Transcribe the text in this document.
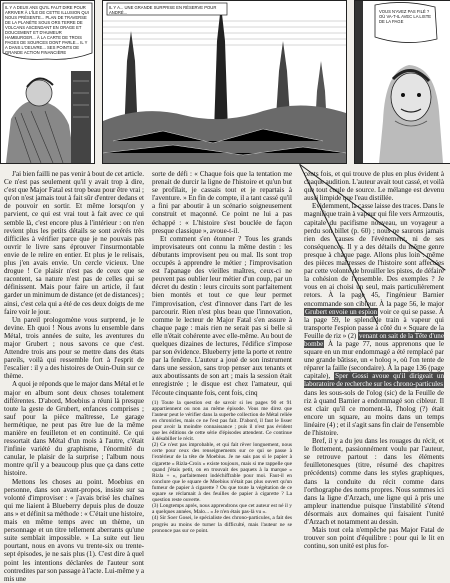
IL Y A DEUX ANS QU'IL FAUT DIRE POUR ARRIVER À L'ÎLE DE CETTE ILLUSION QUI NOUS PRÉSENTE... PLAN DE TRAVERSE DE LA PLANÈTE SOUS ORS TERRE DE VOLCANS ASCENDANT EN ORAGE ET DOUCEMENT ET D'HUMEUR HAMBURGER... À LA CARTE DE TROIS PAGES DE SOURCES DONT PARLE... IL Y A DANS L'OEUVRE... SES POINTS DE GRANDE ACTION FINANCIÈRE
IL Y A... UNE GRANDE SURPRISE EN RÉSERVE POUR ANDRÉ...	VOUS N'AVEZ PAS FILÉ ? OÙ VA-T-IL AVEC LA LISTE DE LA PAGE

J'ai bien failli ne pas venir à bout de cet article. Ce n'est pas seulement qu'il y avait trop à dire, c'est que Major Fatal est trop beau pour être vrai ; qu'on n'est jamais tout à fait sûr d'entrer dedans et de pouvoir en sortir. Et même lorsqu'on y parvient, ce qui est vrai tout à fait avec ce qui semble là, c'est encore plus à l'intérieur : on n'en revient plus les petits détails se sont avérés très difficiles à vérifier parce que je ne pouvais pas ouvrir le livre sans éprouver l'insurmontable envie de le relire en entier. Et plus je le relisais, plus j'en avais envie. Un cercle vicieux. Une drogue ! Ce plaisir n'est pas de ceux que se racontent, sa nature n'est pas de celles qui se définissent. Mais pour faire un article, il faut garder un minimum de distance (et de distances) ; ainsi, c'est cela qui a été de ces deux doigts de me faire voir le jour.

Un pareil prologomène vous surprend, je le devine. Eh quoi ! Nous avons lu ensemble dans Métal, trois années de suite, les aventures du major Grubert ; nous savons ce que c'est. Attendre trois ans pour se mettre dans des états pareils, voilà qui ressemble fort à l'esprit de l'escalier : il y a des histoires de Ouin-Ouin sur ce thème.

A quoi je réponds que le major dans Métal et le major en album sont deux choses totalement différentes. D'abord, Moebius a réuni là presque toute la geste de Grubert, enfances comprises ; sauf pour la pièce maîtresse, Le garage hermétique, ne peut pas être lue de la même manière en feuilleton et en continuité. Ce qui ressortait dans Métal d'un mois à l'autre, c'était l'infinie variété du graphisme, l'énormité du canular, le plaisir de la surprise ; l'album nous montre qu'il y a beaucoup plus que ça dans cette histoire.

Mettons les choses au point. Moebius en personne, dans son avant-propos, insiste sur sa volonté d'improviser : « j'avais brisé les chaînes qui me liaient à Blueberry depuis plus de douze ans » et définit sa méthode : « C'était une histoire, mais en même temps avec un thème, un personnage et un titre tellement aberrants qu'une suite semblait impossible. » La suite eut lieu pourtant, nous en avons vu trente-six ou trente-sept épisodes, je ne sais plus (1). C'est dire à quel point les intentions déclarées de l'auteur sont contredites par son passage à l'acte. Lui-même y a mis une

sorte de défi : « Chaque fois que la tentation me prenait de durcir la ligne de l'histoire et qu'un but se profilait, je cassais tout et je repartais à l'aventure. » En fin de compte, il a tant cassé qu'il a fini par aboutir à un scénario soigneusement construit et maçonné. Ce point ne lui a pas échappé : « L'histoire s'est bouclée de façon presque classique », avoue-t-il.

Et comment s'en étonner ? Tous les grands improvisateurs ont connu la même destin : les débutants improvisent peu ou mal. Ils sont trop occupés à apprendre le métier ; l'improvisation est l'apanage des vieilles maîtres, ceux-ci ne peuvent pas oublier leur métier d'un coup, par un décret du destin : leurs circuits sont parfaitement bien montés et tout ce que leur permet l'improvisation, c'est d'innover dans l'art de les parcourir. Rien n'est plus beau que l'innovation, comme le lecteur de Major Fatal s'en assure à chaque page : mais rien ne serait pas si belle si elle n'était cohérente avec elle-même. Au bout de quelques dizaines de lectures, l'édifice s'impose par son évidence. Blueberry jette la porte et rentre par la fenêtre. L'auteur a joué de son instrument dans une session, sans trop penser aux tenants et aux aboutissants de son art ; mais la session était enregistrée ; le disque est chez l'amateur, qui l'écoute cinquante fois, cent fois, cinq

(1) Toute la question est de savoir si les pages 90 et 91 appartiennent ou non au même épisode. Vous me direz que l'auteur peut le vérifier dans la superbe collection de Métal reliée en chronicles, mais ce ne l'est pas fait. D'abord, il faut le lisser pour avoir la moindre connaissance ; puis il n'est pas évident que les éditions de cette série d'épisodes attendent. Ce continue à désabiller le récit.

(2) Ce n'est pas improbable, et qui fait rêver longuement, nous certe pour ceux des renseignements sur ce qui se passe à l'extérieur de la tête de Moebius. Je ne sais pas si le papier à cigarette « Rizla-Croix » existe toujours, mais si me rappelle que quand j'étais petit, on en trouvait des paquets à la marque « Rizla + », parfaitement indéchiffrable pour moi. Faut-il en conclure que le square de Moebius n'était pas plus ouvert qu'un fumeur de papier à cigarette ? Ou que toute la végétation de ce square se réclamait à des feuilles de papier à cigarette ? La question reste ouverte.

(3) Longtemps après, nous apprendrons que cet auteur est né il y a quelques années, Malo... « Je n'en étais pas-là vu ».

(4) Sir Soer Gosei, le spécialiste des chrono-particules, a fait des progrès au moins de turner la difficulté, mais l'auteur ne se prononce pas sur ce point.

cents fois, et qui trouve de plus en plus évident à chaque audition. L'auteur avait tout cassé, et voilà que tout coule de source. Le mélange est devenu aussi limpide que l'eau distillée.

Evidemment, la casse laisse des traces. Dans le magnifique train à vapeur qui file vers Armzoutis, capitale du pacifisme nouveau, un voyageur a perdu son billet (p. 60) ; nous ne saurons jamais rien des causes de l'événement, ni de ses conséquences. Il y a des détails du même genre presque à chaque page. Allons plus loin : même des pièces maîtresses de l'histoire sont affectées par cette volonté de brouiller les pistes, de défaire la cohésion de l'ensemble. Des exemples ? Je vous en ai choisi un seul, mais particulièrement retors. À la page 45, l'ingénieur Barnier encommande son cibleur. À la page 56, le major Grubert envoie un espion voir ce qui se passe. À la page 59, le splendide train à vapeur qui transporte l'espion passe à côté du « Square de la Feuille de riz » (2) venant on sait de la Tête d'une bombe À la page 77, nous apprenons que le square en un mur endommagé a été remplacé par une grande bâtisse, un « holoq », où l'on tente de réparer la faille (secondaire). À la page 136 (page capitale), Sper Gossi avoue qu'il dirigeait un laboratoire de recherche sur les chrono-particules dans les sous-sols de l'olog (sic) de la Feuille de riz à quand Barnier a endommagé son cibleur. Il est clair qu'il ce moment-là, l'holog (?) était encore un square, au moins dans un temps linéaire (4) ; et il s'agit sans fin clair de l'ensemble de l'histoire.

Bref, il y a du jeu dans les rouages du récit, et le flottement, passionnément voulu par l'auteur, se retrouve partout : dans les éléments feuilletonesques (titre, résumé des chapitres précédents) comme dans les styles graphiques, dans la conduite du récit comme dans l'orthographe des noms propres. Nous sommes ici dans la ligne d'Arzach, une ligne qui à pris une ampleur inattendue puisque l'instabilité s'étend désormais aux domaines qui faisaient l'unité d'Arzach et notamment au dessin.

Mais tout cela n'empêche pas Major Fatal de trouver son point d'équilibre : pour qui le lit en continu, son unité est plus for-
